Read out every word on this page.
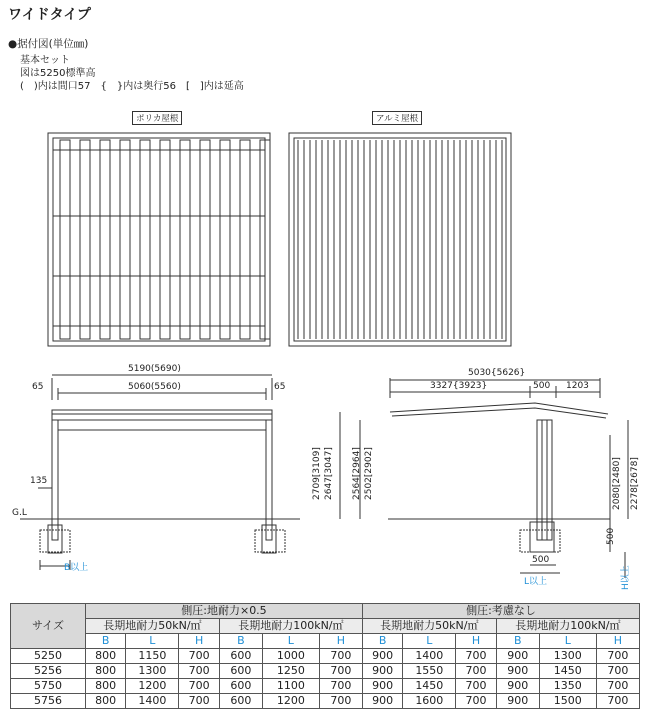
ワイドタイプ
●据付図(単位㎜)
基本セット
図は5250標準高
(　)内は間口57　{　}内は奥行56　[　]内は延高
ポリカ屋根	アルミ屋根
5190(5690)
5060(5560)
65	65
135
G.L
B以上
5030{5626}
3327{3923}	500 1203
2709[3109] 2647[3047] 2564[2964] 2502[2902]	2080[2480] 2278[2678]
500
500
L以上	H以上
サイズ	側圧:地耐力×0.5						側圧:考慮なし					
	長期地耐力50kN/㎡			長期地耐力100kN/㎡			長期地耐力50kN/㎡			長期地耐力100kN/㎡		
	B	L	H	B	L	H	B	L	H	B	L	H
5250	800	1150	700	600	1000	700	900	1400	700	900	1300	700
5256	800	1300	700	600	1250	700	900	1550	700	900	1450	700
5750	800	1200	700	600	1100	700	900	1450	700	900	1350	700
5756	800	1400	700	600	1200	700	900	1600	700	900	1500	700
